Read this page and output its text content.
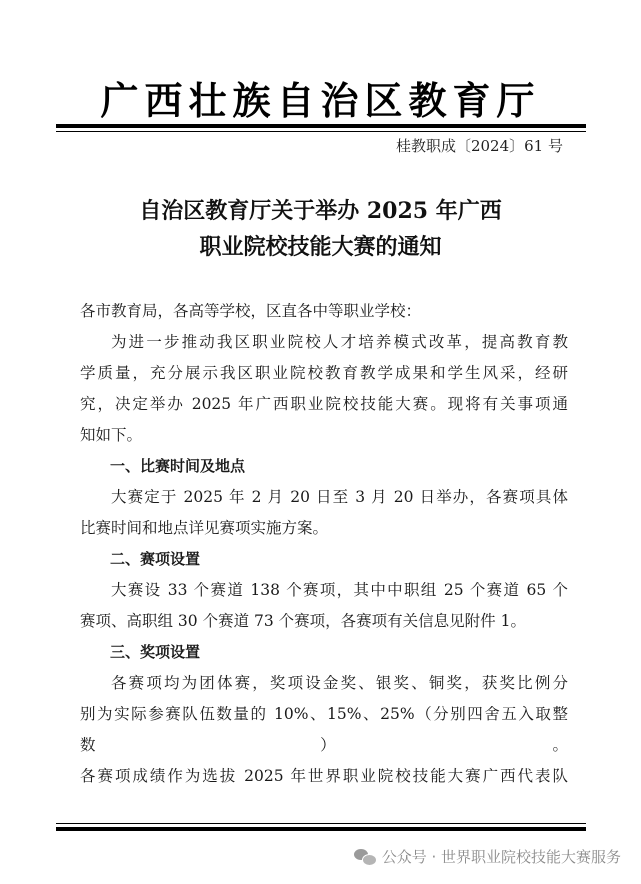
广西壮族自治区教育厅
桂教职成〔2024〕61 号
自治区教育厅关于举办 2025 年广西
职业院校技能大赛的通知

各市教育局，各高等学校，区直各中等职业学校：

为进一步推动我区职业院校人才培养模式改革，提高教育教

学质量，充分展示我区职业院校教育教学成果和学生风采，经研

究，决定举办 2025 年广西职业院校技能大赛。现将有关事项通

知如下。

一、比赛时间及地点

大赛定于 2025 年 2 月 20 日至 3 月 20 日举办，各赛项具体

比赛时间和地点详见赛项实施方案。

二、赛项设置

大赛设 33 个赛道 138 个赛项，其中中职组 25 个赛道 65 个

赛项、高职组 30 个赛道 73 个赛项，各赛项有关信息见附件 1。

三、奖项设置

各赛项均为团体赛，奖项设金奖、银奖、铜奖，获奖比例分

别为实际参赛队伍数量的 10%、15%、25%（分别四舍五入取整数）。

各赛项成绩作为选拔 2025 年世界职业院校技能大赛广西代表队

公众号 · 世界职业院校技能大赛服务
